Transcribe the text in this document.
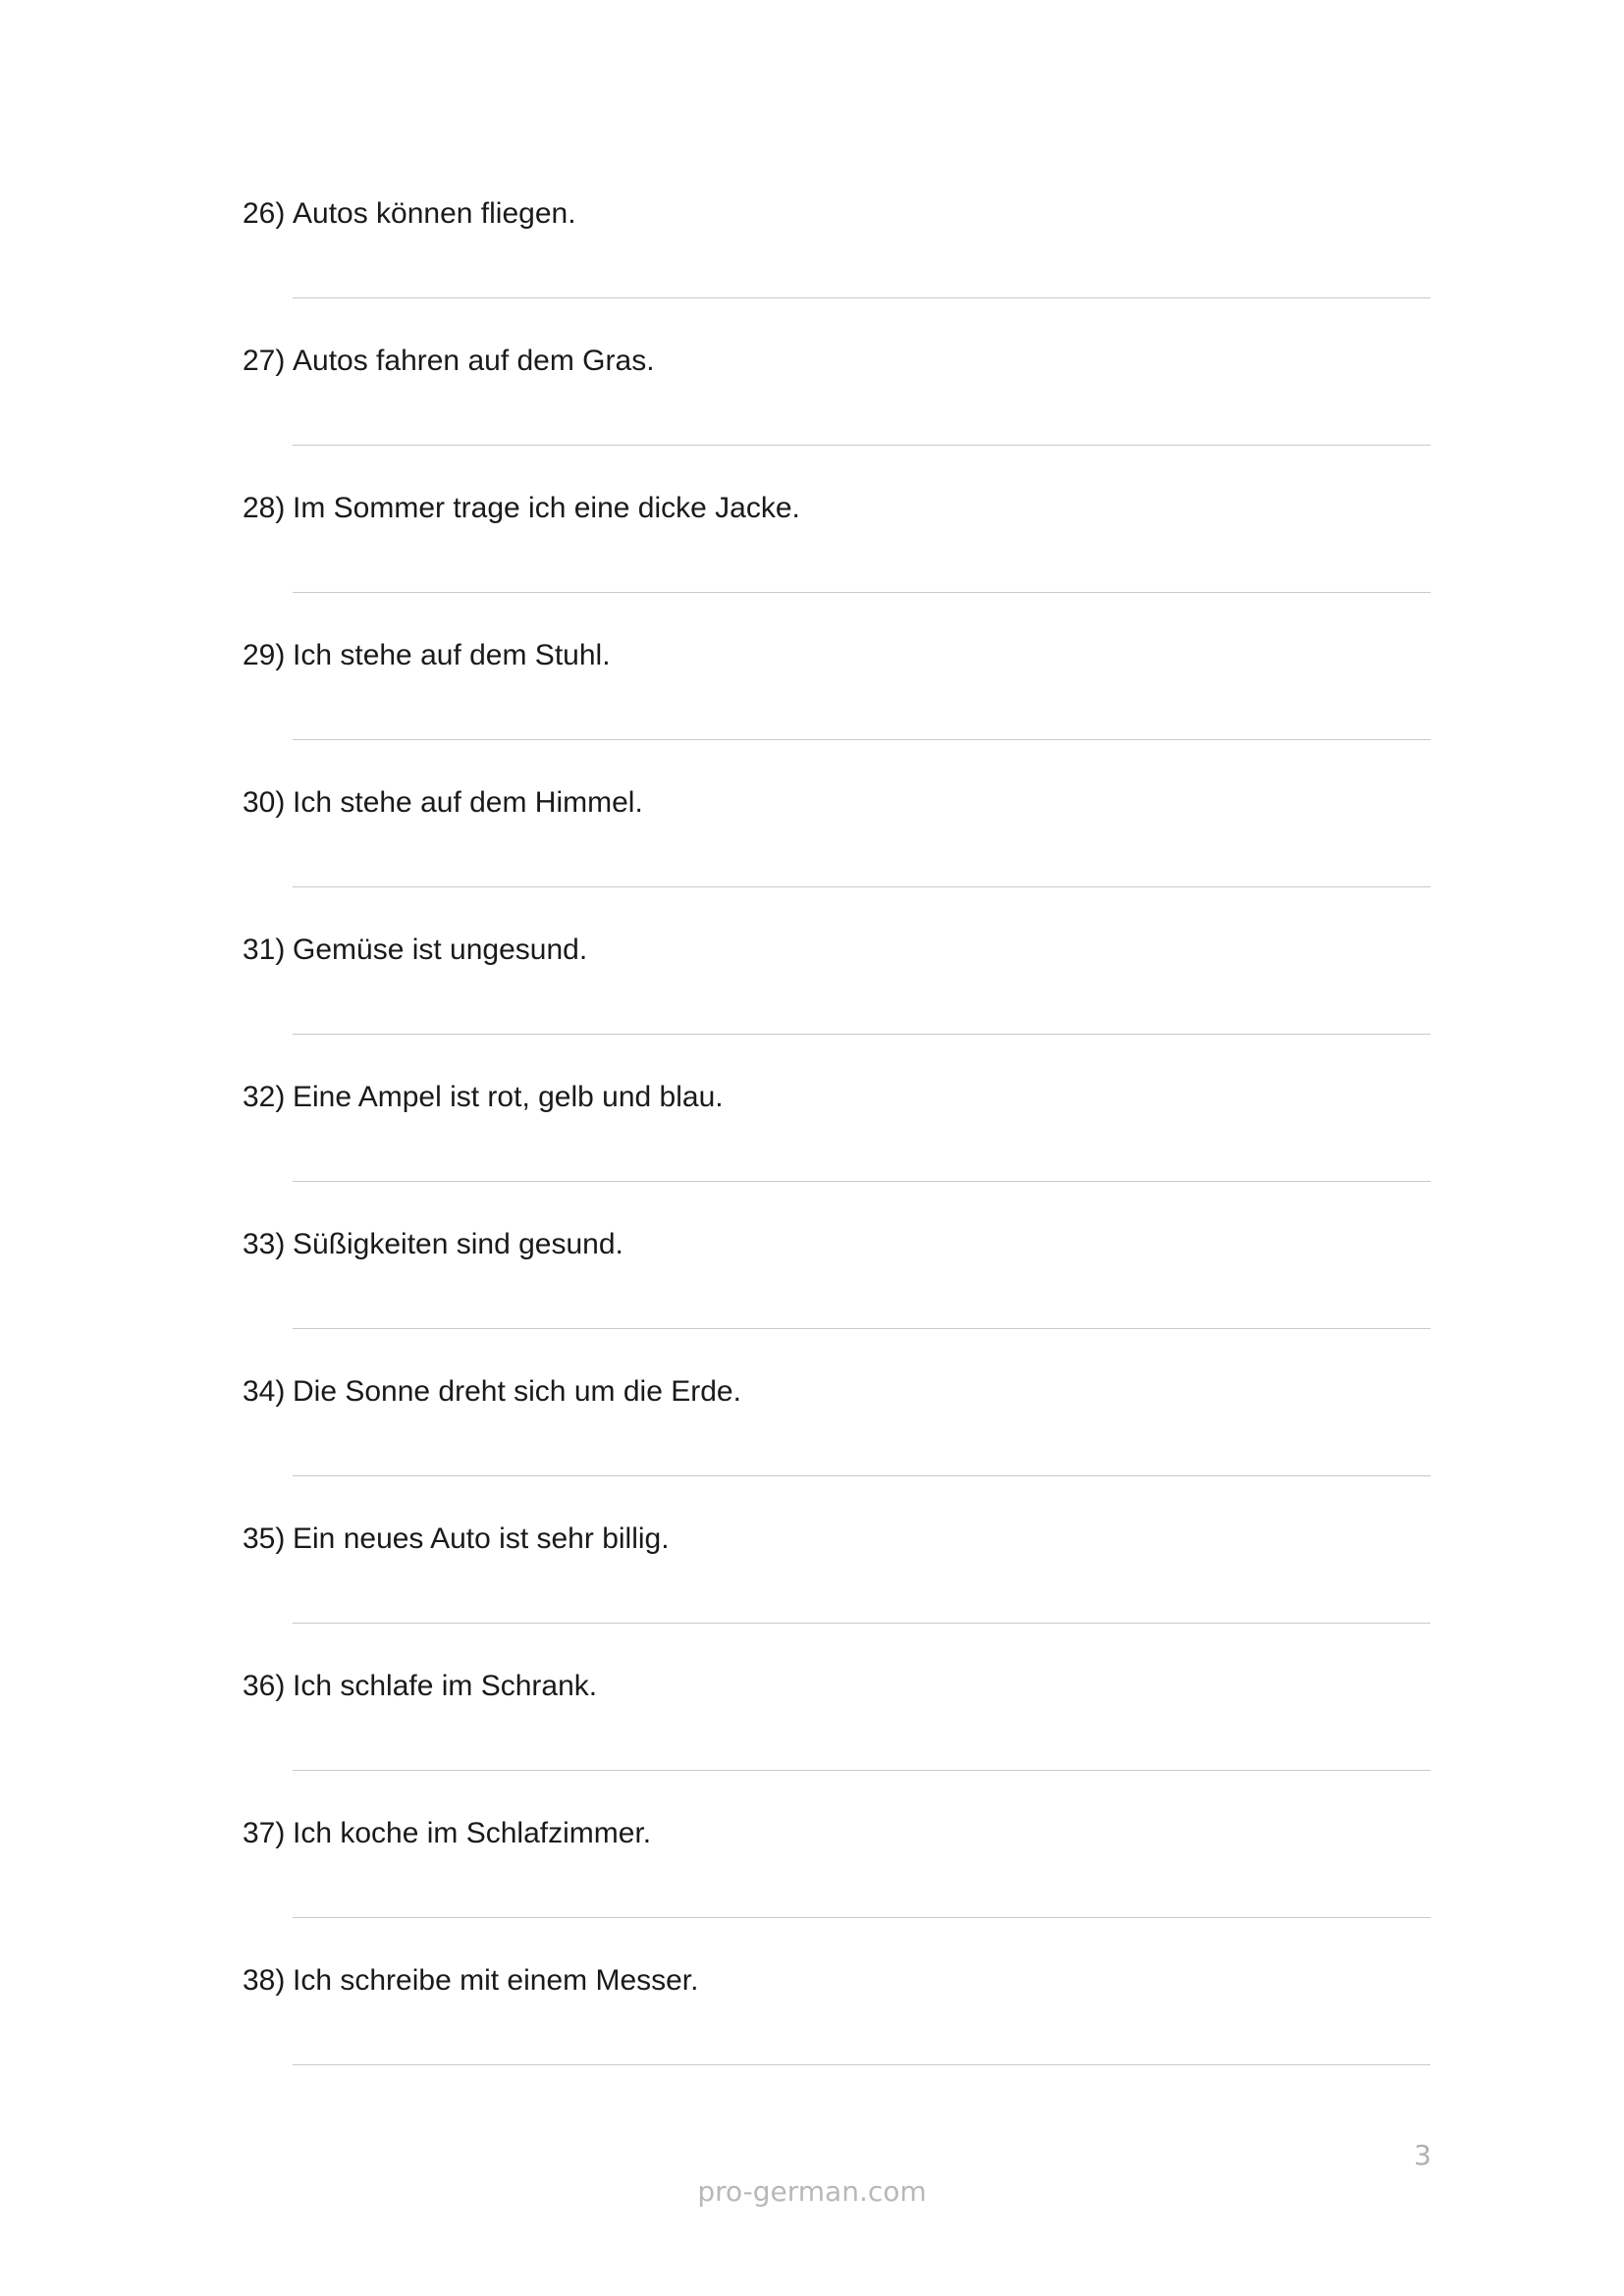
26) Autos können fliegen.
27) Autos fahren auf dem Gras.
28) Im Sommer trage ich eine dicke Jacke.
29) Ich stehe auf dem Stuhl.
30) Ich stehe auf dem Himmel.
31) Gemüse ist ungesund.
32) Eine Ampel ist rot, gelb und blau.
33) Süßigkeiten sind gesund.
34) Die Sonne dreht sich um die Erde.
35) Ein neues Auto ist sehr billig.
36) Ich schlafe im Schrank.
37) Ich koche im Schlafzimmer.
38) Ich schreibe mit einem Messer.
3
pro-german.com
